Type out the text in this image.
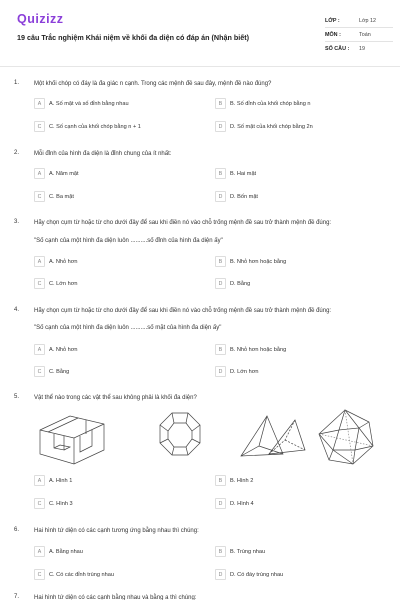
Quizizz
19 câu Trắc nghiệm Khái niệm về khối đa diện có đáp án (Nhận biết)
LỚP :	Lớp 12
MÔN :	Toán
SỐ CÂU :	19
1. Một khối chóp có đáy là đa giác n cạnh. Trong các mệnh đề sau đây, mệnh đề nào đúng?
A	A. Số mặt và số đỉnh bằng nhau	B	B. Số đỉnh của khối chóp bằng n
C	C. Số cạnh của khối chóp bằng n + 1	D	D. Số mặt của khối chóp bằng 2n
2. Mỗi đỉnh của hình đa diện là đỉnh chung của ít nhất:
A	A. Năm mặt	B	B. Hai mặt
C	C. Ba mặt	D	D. Bốn mặt
3. Hãy chọn cụm từ hoặc từ cho dưới đây để sau khi điền nó vào chỗ trống mệnh đề sau trở thành mệnh đề đúng:
"Số cạnh của một hình đa diện luôn ..........số đỉnh của hình đa diện ấy"
A	A. Nhỏ hơn	B	B. Nhỏ hơn hoặc bằng
C	C. Lớn hơn	D	D. Bằng
4. Hãy chọn cụm từ hoặc từ cho dưới đây để sau khi điền nó vào chỗ trống mệnh đề sau trở thành mệnh đề đúng:
"Số cạnh của một hình đa diện luôn ..........số mặt của hình đa diện ấy"
A	A. Nhỏ hơn	B	B. Nhỏ hơn hoặc bằng
C	C. Bằng	D	D. Lớn hơn
5. Vật thể nào trong các vật thể sau không phải là khối đa diện?
A	A. Hình 1	B	B. Hình 2
C	C. Hình 3	D	D. Hình 4
6. Hai hình tứ diện có các cạnh tương ứng bằng nhau thì chúng:
A	A. Bằng nhau	B	B. Trùng nhau
C	C. Có các đỉnh trùng nhau	D	D. Có đáy trùng nhau
7. Hai hình tứ diện có các cạnh bằng nhau và bằng a thì chúng:
